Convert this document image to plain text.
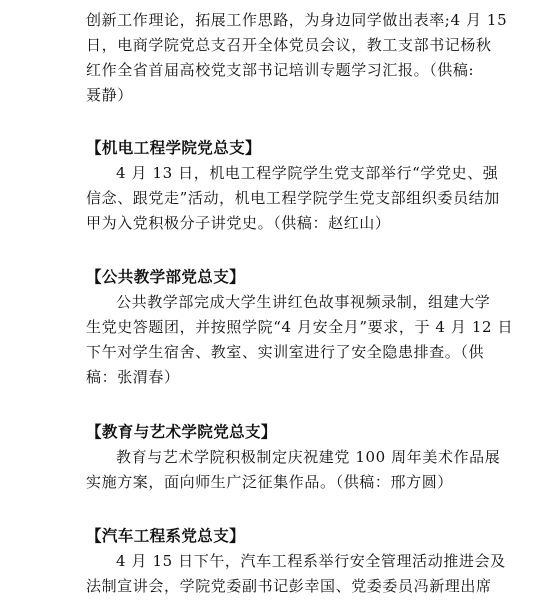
创新工作理论，拓展工作思路，为身边同学做出表率;4 月 15
日，电商学院党总支召开全体党员会议，教工支部书记杨秋
红作全省首届高校党支部书记培训专题学习汇报。（供稿:
聂静）
【机电工程学院党总支】
4 月 13 日，机电工程学院学生党支部举行“学党史、强
信念、跟党走”活动，机电工程学院学生党支部组织委员结加
甲为入党积极分子讲党史。（供稿：赵红山）
【公共教学部党总支】
公共教学部完成大学生讲红色故事视频录制，组建大学
生党史答题团，并按照学院“4 月安全月”要求，于 4 月 12 日
下午对学生宿舍、教室、实训室进行了安全隐患排查。（供
稿：张渭春）
【教育与艺术学院党总支】
教育与艺术学院积极制定庆祝建党 100 周年美术作品展
实施方案，面向师生广泛征集作品。（供稿：邢方圆）
【汽车工程系党总支】
4 月 15 日下午，汽车工程系举行安全管理活动推进会及
法制宣讲会，学院党委副书记彭幸国、党委委员冯新理出席
